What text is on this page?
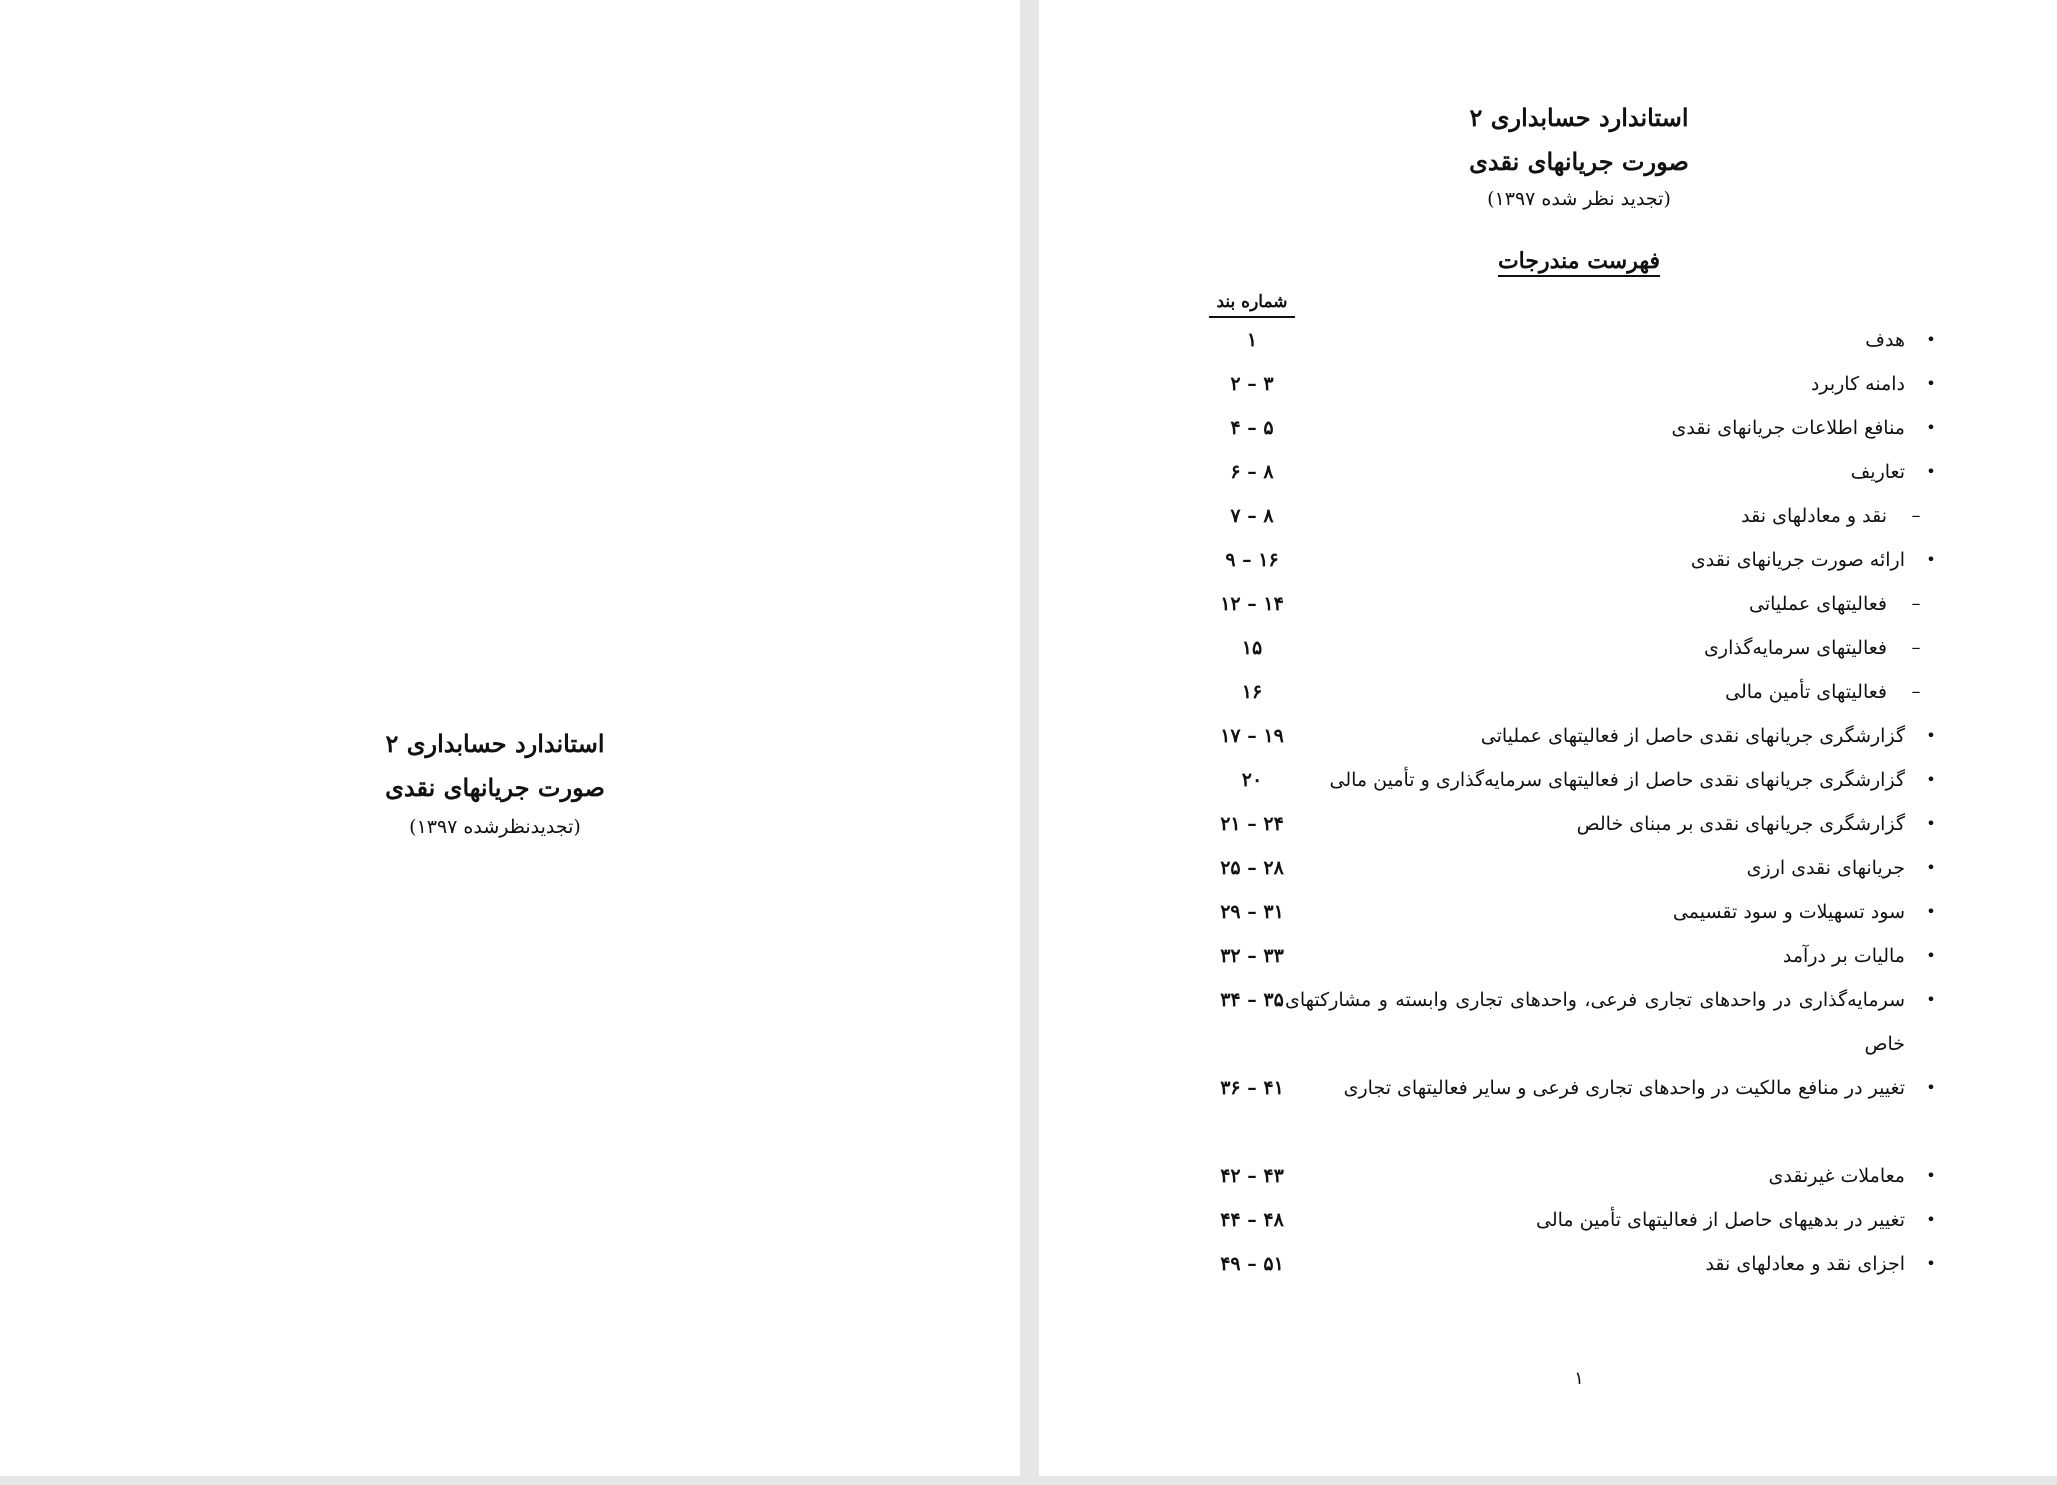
استاندارد حسابداری ۲
صورت جریانهای نقدی
(تجدیدنظرشده ۱۳۹۷)
استاندارد حسابداری ۲
صورت جریانهای نقدی
(تجدید نظر شده ۱۳۹۷)
فهرست مندرجات
شماره بند
•
هدف
۱
•
دامنه کاربرد
۳ – ۲
•
منافع اطلاعات جریانهای نقدی
۵ – ۴
•
تعاریف
۸ – ۶
–
نقد و معادلهای نقد
۸ – ۷
•
ارائه صورت جریانهای نقدی
۱۶ – ۹
–
فعالیتهای عملیاتی
۱۴ – ۱۲
–
فعالیتهای سرمایه‌گذاری
۱۵
–
فعالیتهای تأمین مالی
۱۶
•
گزارشگری جریانهای نقدی حاصل از فعالیتهای عملیاتی
۱۹ – ۱۷
•
گزارشگری جریانهای نقدی حاصل از فعالیتهای سرمایه‌گذاری و تأمین مالی
۲۰
•
گزارشگری جریانهای نقدی بر مبنای خالص
۲۴ – ۲۱
•
جریانهای نقدی ارزی
۲۸ – ۲۵
•
سود تسهیلات و سود تقسیمی
۳۱ – ۲۹
•
مالیات بر درآمد
۳۳ – ۳۲
•
سرمایه‌گذاری در واحدهای تجاری فرعی، واحدهای تجاری وابسته و مشارکتهای خاص
۳۵ – ۳۴
•
تغییر در منافع مالکیت در واحدهای تجاری فرعی و سایر فعالیتهای تجاری
۴۱ – ۳۶
•
معاملات غیرنقدی
۴۳ – ۴۲
•
تغییر در بدهیهای حاصل از فعالیتهای تأمین مالی
۴۸ – ۴۴
•
اجزای نقد و معادلهای نقد
۵۱ – ۴۹
۱
